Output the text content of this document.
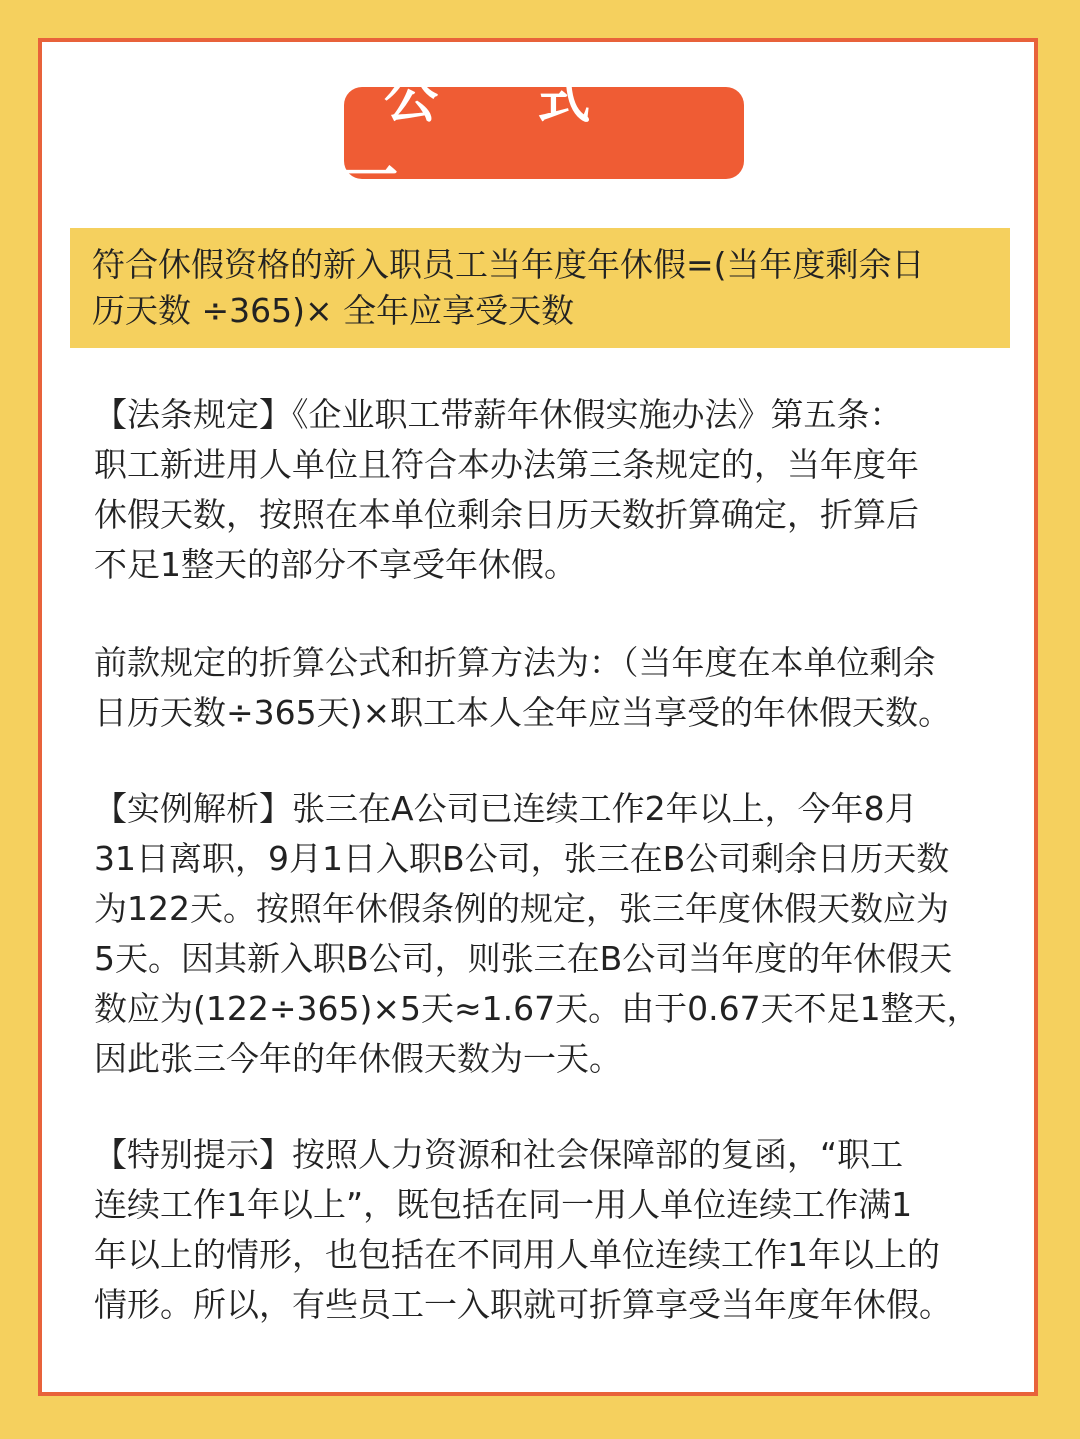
公 式 一
符合休假资格的新入职员工当年度年休假=(当年度剩余日
历天数 ÷365)× 全年应享受天数
【法条规定】《企业职工带薪年休假实施办法》第五条：
职工新进用人单位且符合本办法第三条规定的，当年度年
休假天数，按照在本单位剩余日历天数折算确定，折算后
不足1整天的部分不享受年休假。
前款规定的折算公式和折算方法为：（当年度在本单位剩余
日历天数÷365天)×职工本人全年应当享受的年休假天数。
【实例解析】张三在A公司已连续工作2年以上，今年8月
31日离职，9月1日入职B公司，张三在B公司剩余日历天数
为122天。按照年休假条例的规定，张三年度休假天数应为
5天。因其新入职B公司，则张三在B公司当年度的年休假天
数应为(122÷365)×5天≈1.67天。由于0.67天不足1整天，
因此张三今年的年休假天数为一天。
【特别提示】按照人力资源和社会保障部的复函，“职工
连续工作1年以上”，既包括在同一用人单位连续工作满1
年以上的情形，也包括在不同用人单位连续工作1年以上的
情形。所以，有些员工一入职就可折算享受当年度年休假。
